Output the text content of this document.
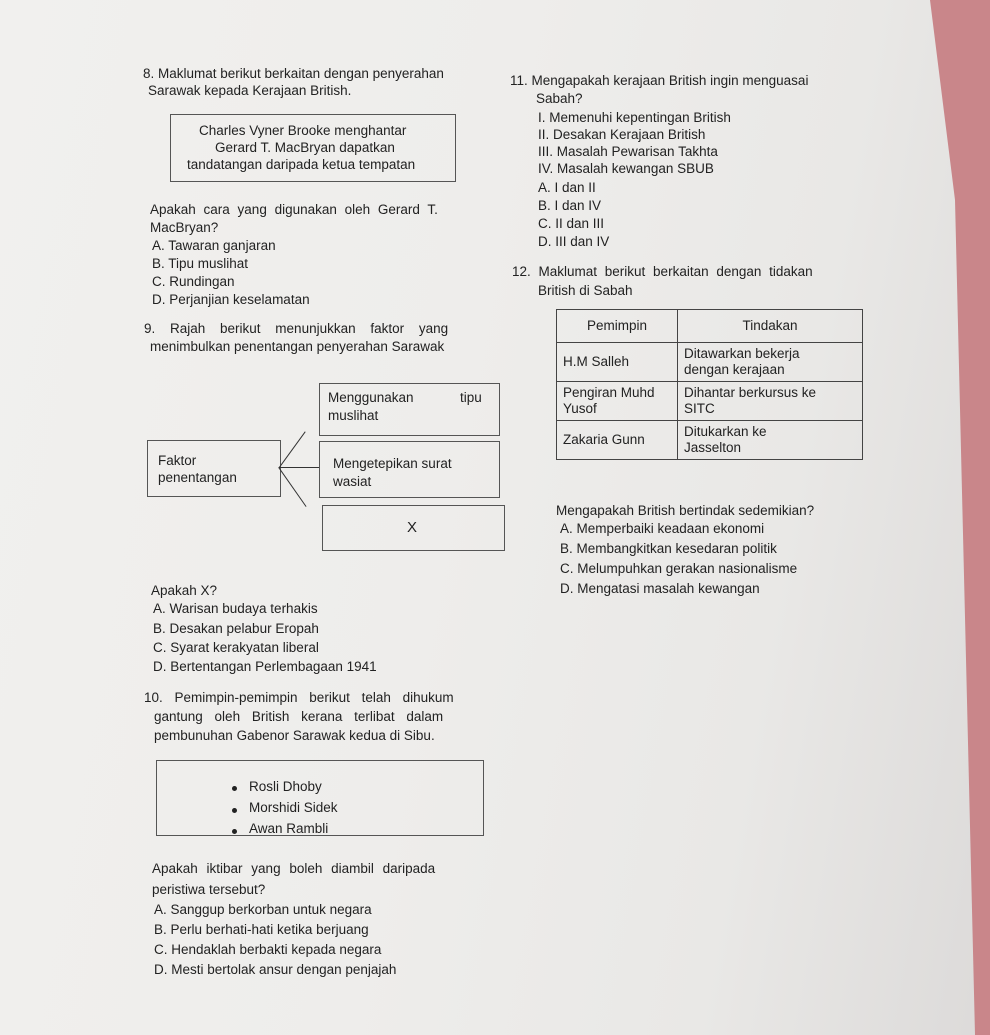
8. Maklumat berikut berkaitan dengan penyerahan
Sarawak kepada Kerajaan British.
Charles Vyner Brooke menghantar
Gerard T. MacBryan dapatkan
tandatangan daripada ketua tempatan
Apakah cara yang digunakan oleh Gerard T.
MacBryan?
A. Tawaran ganjaran
B. Tipu muslihat
C. Rundingan
D. Perjanjian keselamatan
9. Rajah berikut menunjukkan faktor yang
menimbulkan penentangan penyerahan Sarawak
Faktor
penentangan
Menggunakan	tipu
muslihat
Mengetepikan surat
wasiat
X
Apakah X?
A. Warisan budaya terhakis
B. Desakan pelabur Eropah
C. Syarat kerakyatan liberal
D. Bertentangan Perlembagaan 1941
10. Pemimpin-pemimpin berikut telah dihukum
gantung oleh British kerana terlibat dalam
pembunuhan Gabenor Sarawak kedua di Sibu.
Rosli Dhoby
Morshidi Sidek
Awan Rambli
Apakah iktibar yang boleh diambil daripada
peristiwa tersebut?
A. Sanggup berkorban untuk negara
B. Perlu berhati-hati ketika berjuang
C. Hendaklah berbakti kepada negara
D. Mesti bertolak ansur dengan penjajah
11. Mengapakah kerajaan British ingin menguasai
Sabah?
I. Memenuhi kepentingan British
II. Desakan Kerajaan British
III. Masalah Pewarisan Takhta
IV. Masalah kewangan SBUB
A. I dan II
B. I dan IV
C. II dan III
D. III dan IV
12. Maklumat berikut berkaitan dengan tidakan
British di Sabah
Pemimpin	Tindakan
H.M Salleh	Ditawarkan bekerja
dengan kerajaan
Pengiran Muhd
Yusof	Dihantar berkursus ke
SITC
Zakaria Gunn	Ditukarkan ke
Jasselton
Mengapakah British bertindak sedemikian?
A. Memperbaiki keadaan ekonomi
B. Membangkitkan kesedaran politik
C. Melumpuhkan gerakan nasionalisme
D. Mengatasi masalah kewangan
